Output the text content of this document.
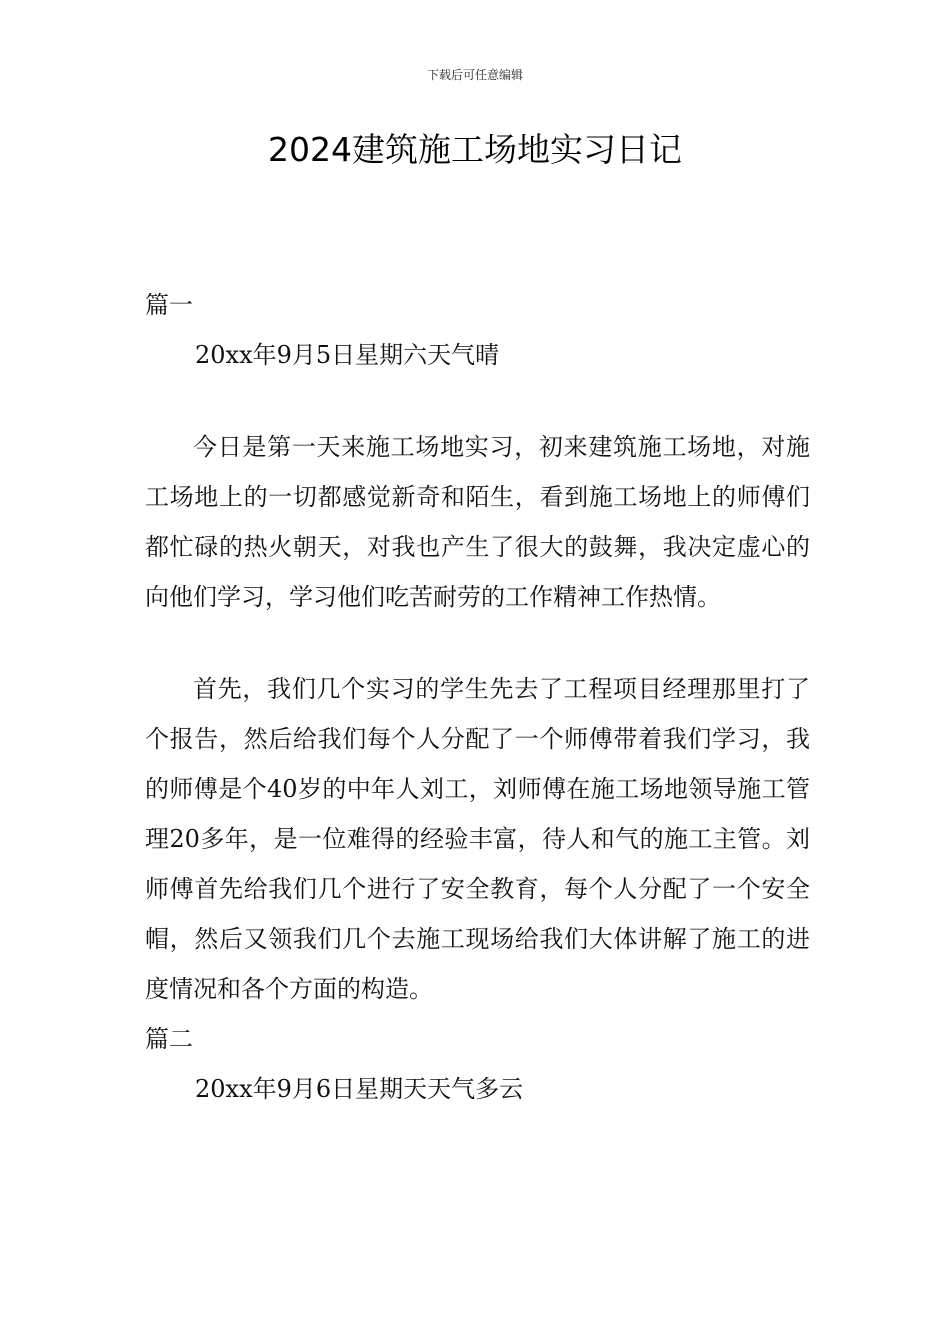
下载后可任意编辑
2024建筑施工场地实习日记

篇一

20xx年9月5日星期六天气晴

今日是第一天来施工场地实习，初来建筑施工场地，对施工场地上的一切都感觉新奇和陌生，看到施工场地上的师傅们都忙碌的热火朝天，对我也产生了很大的鼓舞，我决定虚心的向他们学习，学习他们吃苦耐劳的工作精神工作热情。

首先，我们几个实习的学生先去了工程项目经理那里打了个报告，然后给我们每个人分配了一个师傅带着我们学习，我的师傅是个40岁的中年人刘工，刘师傅在施工场地领导施工管理20多年，是一位难得的经验丰富，待人和气的施工主管。刘师傅首先给我们几个进行了安全教育，每个人分配了一个安全帽，然后又领我们几个去施工现场给我们大体讲解了施工的进度情况和各个方面的构造。

篇二

20xx年9月6日星期天天气多云
